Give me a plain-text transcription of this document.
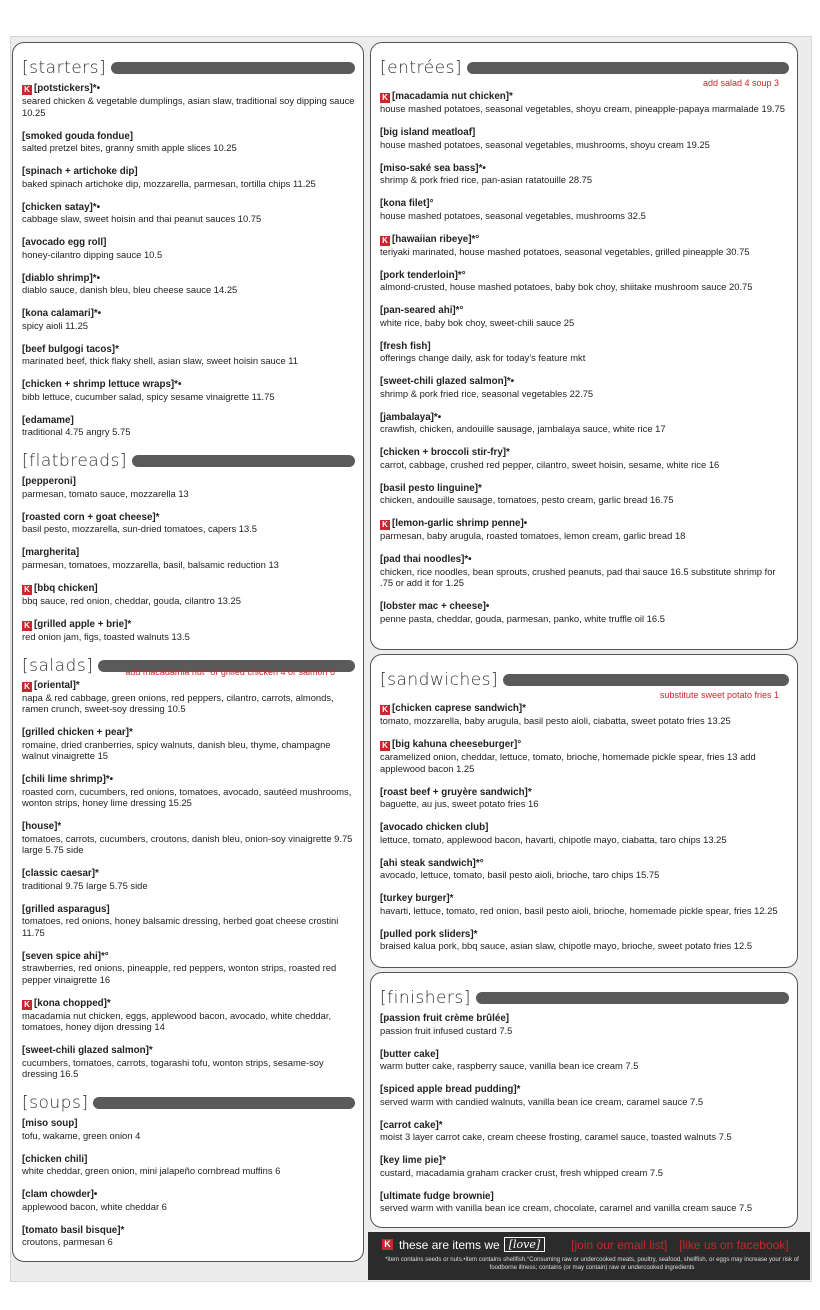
[starters]
K [potstickers]*•
seared chicken & vegetable dumplings, asian slaw, traditional soy dipping sauce 10.25
[smoked gouda fondue]
salted pretzel bites, granny smith apple slices 10.25
[spinach + artichoke dip]
baked spinach artichoke dip, mozzarella, parmesan, tortilla chips 11.25
[chicken satay]*•
cabbage slaw, sweet hoisin and thai peanut sauces 10.75
[avocado egg roll]
honey-cilantro dipping sauce 10.5
[diablo shrimp]*•
diablo sauce, danish bleu, bleu cheese sauce 14.25
[kona calamari]*•
spicy aioli 11.25
[beef bulgogi tacos]*
marinated beef, thick flaky shell, asian slaw, sweet hoisin sauce 11
[chicken + shrimp lettuce wraps]*•
bibb lettuce, cucumber salad, spicy sesame vinaigrette 11.75
[edamame]
traditional 4.75 angry 5.75
[flatbreads]
[pepperoni]
parmesan, tomato sauce, mozzarella 13
[roasted corn + goat cheese]*
basil pesto, mozzarella, sun-dried tomatoes, capers 13.5
[margherita]
parmesan, tomatoes, mozzarella, basil, balsamic reduction 13
K [bbq chicken]
bbq sauce, red onion, cheddar, gouda, cilantro 13.25
K [grilled apple + brie]*
red onion jam, figs, toasted walnuts 13.5
[salads]	add macadamia nut* or grilled chicken 4 or salmon 6
K [oriental]*
napa & red cabbage, green onions, red peppers, cilantro, carrots, almonds, ramen crunch, sweet-soy dressing 10.5
[grilled chicken + pear]*
romaine, dried cranberries, spicy walnuts, danish bleu, thyme, champagne walnut vinaigrette 15
[chili lime shrimp]*•
roasted corn, cucumbers, red onions, tomatoes, avocado, sautéed mushrooms, wonton strips, honey lime dressing 15.25
[house]*
tomatoes, carrots, cucumbers, croutons, danish bleu, onion-soy vinaigrette 9.75 large 5.75 side
[classic caesar]*
traditional 9.75 large 5.75 side
[grilled asparagus]
tomatoes, red onions, honey balsamic dressing, herbed goat cheese crostini 11.75
[seven spice ahi]*°
strawberries, red onions, pineapple, red peppers, wonton strips, roasted red pepper vinaigrette 16
K [kona chopped]*
macadamia nut chicken, eggs, applewood bacon, avocado, white cheddar, tomatoes, honey dijon dressing 14
[sweet-chili glazed salmon]*
cucumbers, tomatoes, carrots, togarashi tofu, wonton strips, sesame-soy dressing 16.5
[soups]
[miso soup]
tofu, wakame, green onion 4
[chicken chili]
white cheddar, green onion, mini jalapeño cornbread muffins 6
[clam chowder]•
applewood bacon, white cheddar 6
[tomato basil bisque]*
croutons, parmesan 6
[entrées]
add salad 4 soup 3
K [macadamia nut chicken]*
house mashed potatoes, seasonal vegetables, shoyu cream, pineapple-papaya marmalade 19.75
[big island meatloaf]
house mashed potatoes, seasonal vegetables, mushrooms, shoyu cream 19.25
[miso-saké sea bass]*•
shrimp & pork fried rice, pan-asian ratatouille 28.75
[kona filet]°
house mashed potatoes, seasonal vegetables, mushrooms 32.5
K [hawaiian ribeye]*°
teriyaki marinated, house mashed potatoes, seasonal vegetables, grilled pineapple 30.75
[pork tenderloin]*°
almond-crusted, house mashed potatoes, baby bok choy, shiitake mushroom sauce 20.75
[pan-seared ahi]*°
white rice, baby bok choy, sweet-chili sauce 25
[fresh fish]
offerings change daily, ask for today’s feature mkt
[sweet-chili glazed salmon]*•
shrimp & pork fried rice, seasonal vegetables 22.75
[jambalaya]*•
crawfish, chicken, andouille sausage, jambalaya sauce, white rice 17
[chicken + broccoli stir-fry]*
carrot, cabbage, crushed red pepper, cilantro, sweet hoisin, sesame, white rice 16
[basil pesto linguine]*
chicken, andouille sausage, tomatoes, pesto cream, garlic bread 16.75
K [lemon-garlic shrimp penne]•
parmesan, baby arugula, roasted tomatoes, lemon cream, garlic bread 18
[pad thai noodles]*•
chicken, rice noodles, bean sprouts, crushed peanuts, pad thai sauce 16.5 substitute shrimp for .75 or add it for 1.25
[lobster mac + cheese]•
penne pasta, cheddar, gouda, parmesan, panko, white truffle oil 16.5
[sandwiches]
substitute sweet potato fries 1
K [chicken caprese sandwich]*
tomato, mozzarella, baby arugula, basil pesto aioli, ciabatta, sweet potato fries 13.25
K [big kahuna cheeseburger]°
caramelized onion, cheddar, lettuce, tomato, brioche, homemade pickle spear, fries 13 add applewood bacon 1.25
[roast beef + gruyère sandwich]*
baguette, au jus, sweet potato fries 16
[avocado chicken club]
lettuce, tomato, applewood bacon, havarti, chipotle mayo, ciabatta, taro chips 13.25
[ahi steak sandwich]*°
avocado, lettuce, tomato, basil pesto aioli, brioche, taro chips 15.75
[turkey burger]*
havarti, lettuce, tomato, red onion, basil pesto aioli, brioche, homemade pickle spear, fries 12.25
[pulled pork sliders]*
braised kalua pork, bbq sauce, asian slaw, chipotle mayo, brioche, sweet potato fries 12.5
[finishers]
[passion fruit crème brûlée]
passion fruit infused custard 7.5
[butter cake]
warm butter cake, raspberry sauce, vanilla bean ice cream 7.5
[spiced apple bread pudding]*
served warm with candied walnuts, vanilla bean ice cream, caramel sauce 7.5
[carrot cake]*
moist 3 layer carrot cake, cream cheese frosting, caramel sauce, toasted walnuts 7.5
[key lime pie]*
custard, macadamia graham cracker crust, fresh whipped cream 7.5
[ultimate fudge brownie]
served warm with vanilla bean ice cream, chocolate, caramel and vanilla cream sauce 7.5
K these are items we [love]	[join our email list] [like us on facebook]
*item contains seeds or nuts.•item contains shellfish.°Consuming raw or undercooked meats, poultry, seafood, shellfish, or eggs may increase your risk of foodborne illness; contains (or may contain) raw or undercooked ingredients
